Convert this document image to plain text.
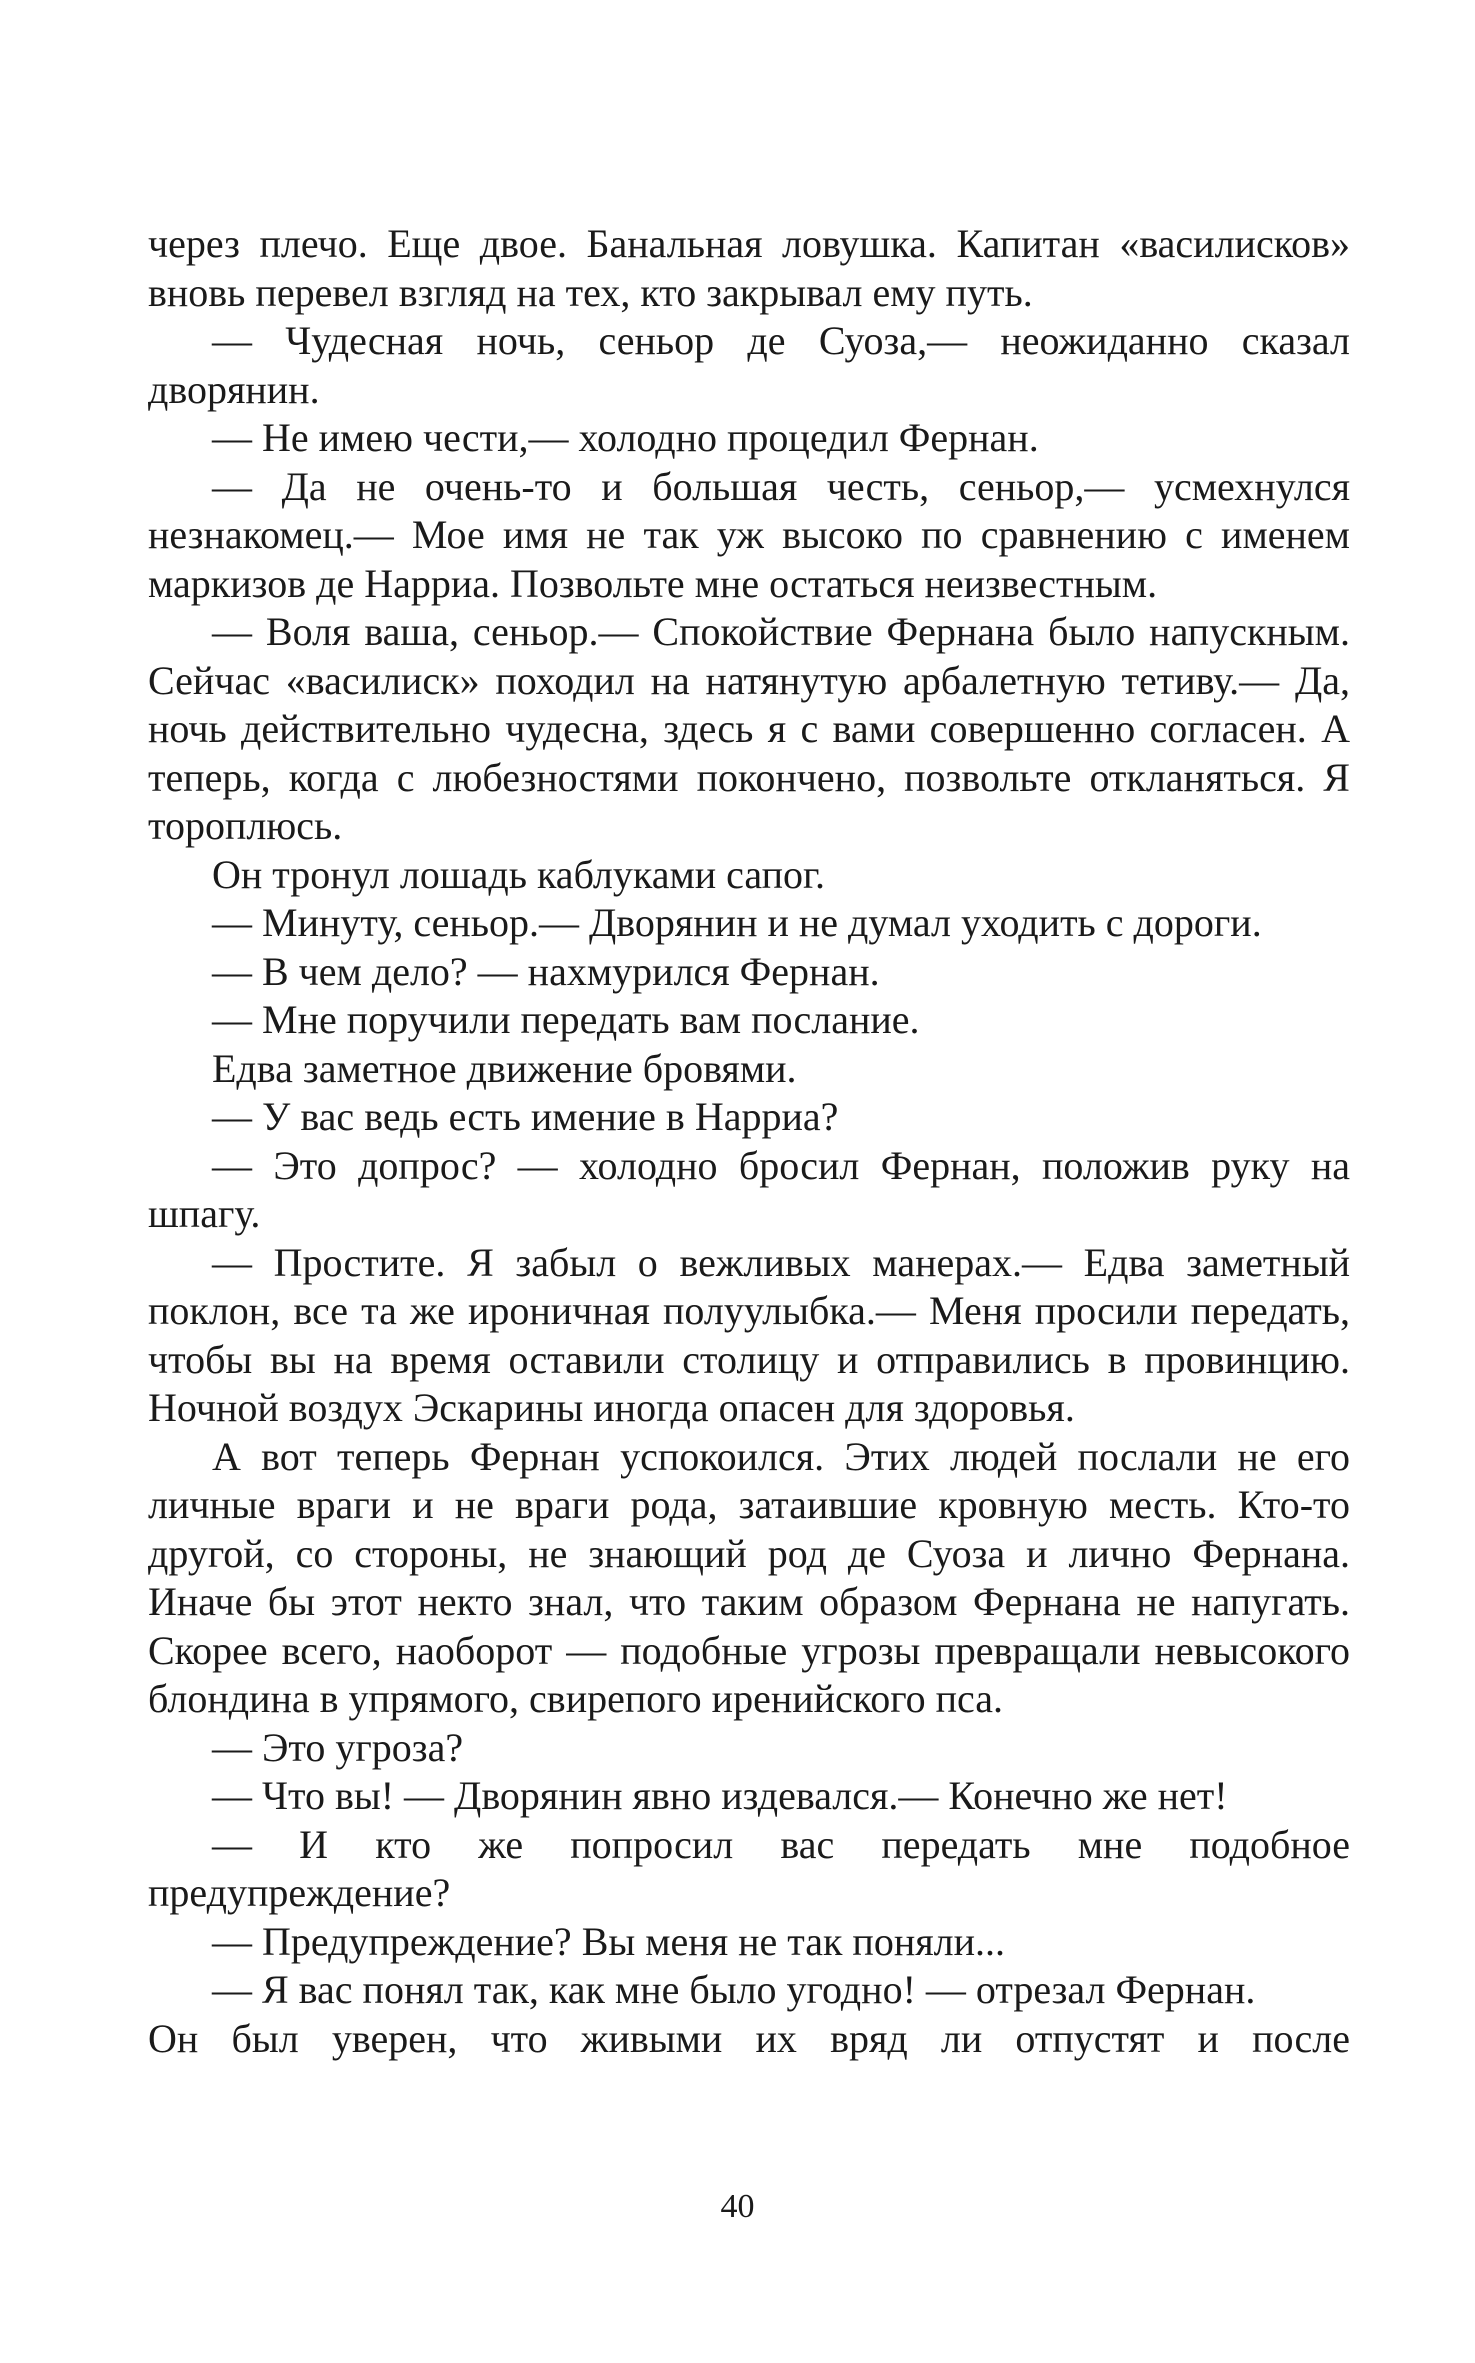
через плечо. Еще двое. Банальная ловушка. Капитан «василисков» вновь перевел взгляд на тех, кто закрывал ему путь.

— Чудесная ночь, сеньор де Суоза,— неожиданно сказал дворянин.

— Не имею чести,— холодно процедил Фернан.

— Да не очень-то и большая честь, сеньор,— усмехнулся незнакомец.— Мое имя не так уж высоко по сравнению с именем маркизов де Нарриа. Позвольте мне остаться неизвестным.

— Воля ваша, сеньор.— Спокойствие Фернана было напускным. Сейчас «василиск» походил на натянутую арбалетную тетиву.— Да, ночь действительно чудесна, здесь я с вами совершенно согласен. А теперь, когда с любезностями покончено, позвольте откланяться. Я тороплюсь.

Он тронул лошадь каблуками сапог.

— Минуту, сеньор.— Дворянин и не думал уходить с дороги.

— В чем дело? — нахмурился Фернан.

— Мне поручили передать вам послание.

Едва заметное движение бровями.

— У вас ведь есть имение в Нарриа?

— Это допрос? — холодно бросил Фернан, положив руку на шпагу.

— Простите. Я забыл о вежливых манерах.— Едва заметный поклон, все та же ироничная полуулыбка.— Меня просили передать, чтобы вы на время оставили столицу и отправились в провинцию. Ночной воздух Эскарины иногда опасен для здоровья.

А вот теперь Фернан успокоился. Этих людей послали не его личные враги и не враги рода, затаившие кровную месть. Кто-то другой, со стороны, не знающий род де Суоза и лично Фернана. Иначе бы этот некто знал, что таким образом Фернана не напугать. Скорее всего, наоборот — подобные угрозы превращали невысокого блондина в упрямого, свирепого иренийского пса.

— Это угроза?

— Что вы! — Дворянин явно издевался.— Конечно же нет!

— И кто же попросил вас передать мне подобное предупреждение?

— Предупреждение? Вы меня не так поняли...

— Я вас понял так, как мне было угодно! — отрезал Фернан.

Он был уверен, что живыми их вряд ли отпустят и после

40
